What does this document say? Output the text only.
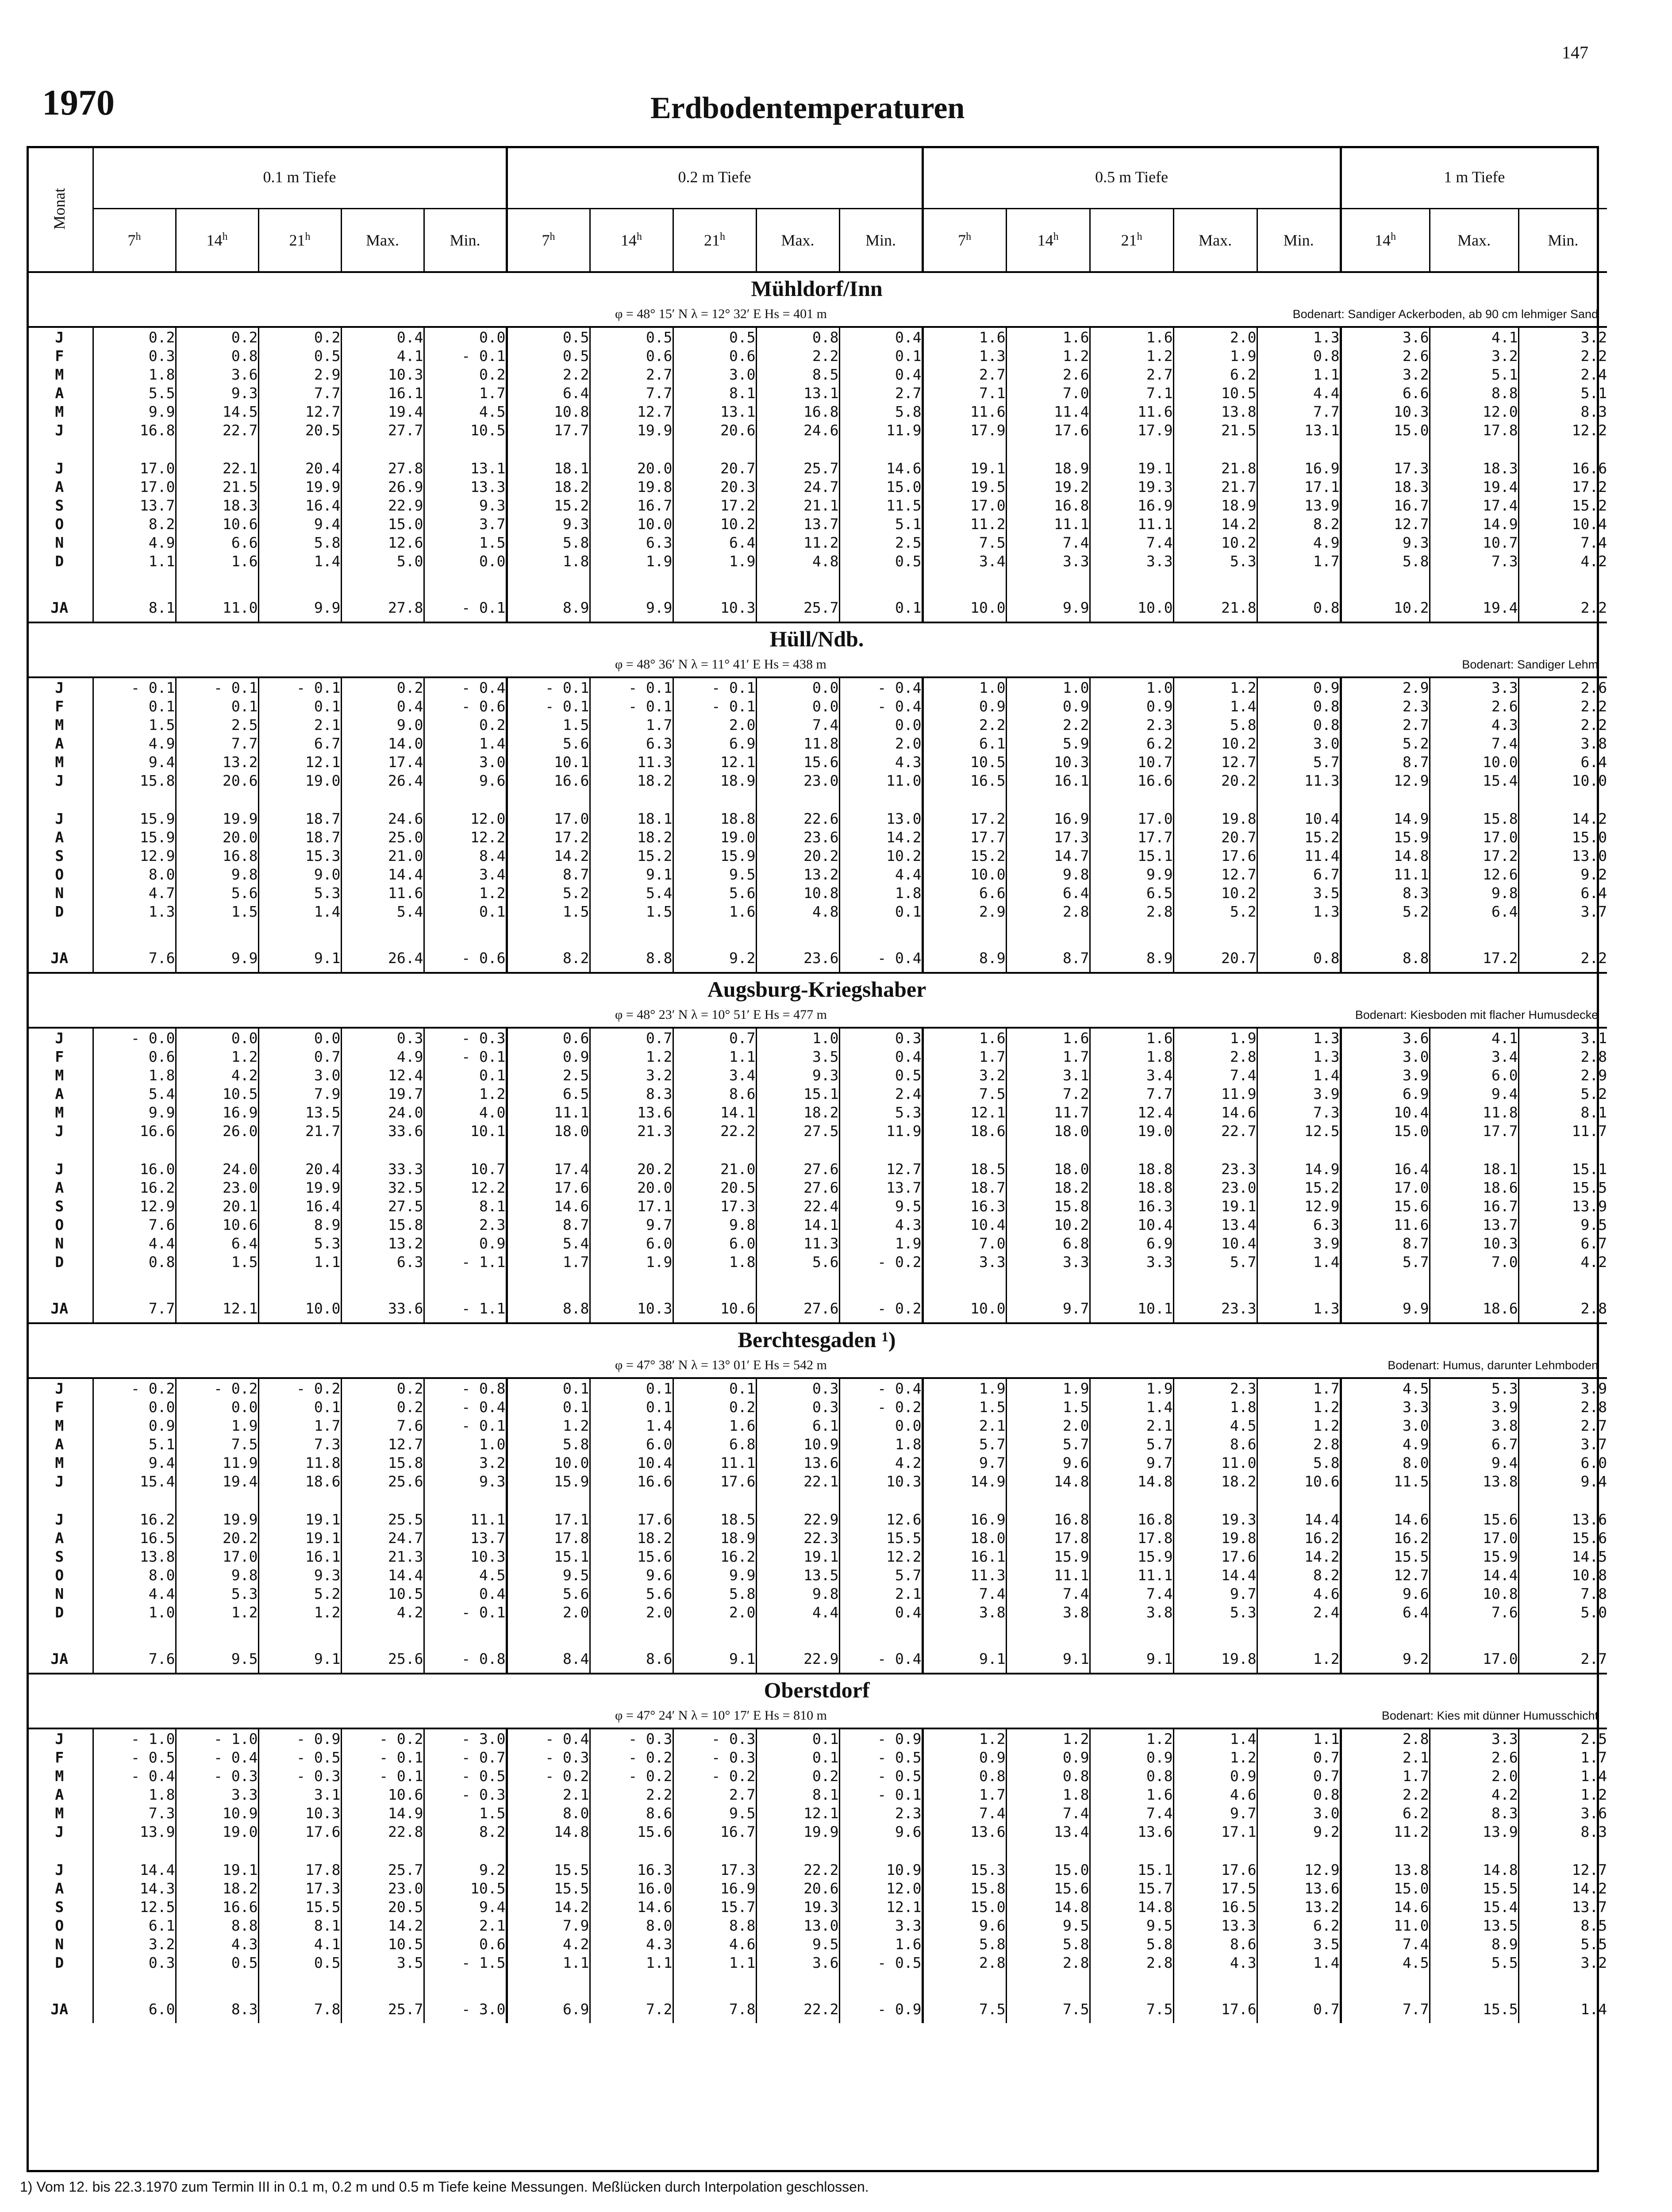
147
1970	Erdbodentemperaturen
Monat	0.1 m Tiefe					0.2 m Tiefe					0.5 m Tiefe					1 m Tiefe		
	7$^h$	14$^h$	21$^h$	Max.	Min.	7$^h$	14$^h$	21$^h$	Max.	Min.	7$^h$	14$^h$	21$^h$	Max.	Min.	14$^h$	Max.	Min.
Mühldorf/Inn																		

φ = 48° 15′ N λ = 12° 32′ E Hs = 401 m Bodenart: Sandiger Ackerboden, ab 90 cm lehmiger Sand																		

J	0.2	0.2	0.2	0.4	0.0	0.5	0.5	0.5	0.8	0.4	1.6	1.6	1.6	2.0	1.3	3.6	4.1	3.2
F	0.3	0.8	0.5	4.1	- 0.1	0.5	0.6	0.6	2.2	0.1	1.3	1.2	1.2	1.9	0.8	2.6	3.2	2.2
M	1.8	3.6	2.9	10.3	0.2	2.2	2.7	3.0	8.5	0.4	2.7	2.6	2.7	6.2	1.1	3.2	5.1	2.4
A	5.5	9.3	7.7	16.1	1.7	6.4	7.7	8.1	13.1	2.7	7.1	7.0	7.1	10.5	4.4	6.6	8.8	5.1
M	9.9	14.5	12.7	19.4	4.5	10.8	12.7	13.1	16.8	5.8	11.6	11.4	11.6	13.8	7.7	10.3	12.0	8.3
J	16.8	22.7	20.5	27.7	10.5	17.7	19.9	20.6	24.6	11.9	17.9	17.6	17.9	21.5	13.1	15.0	17.8	12.2

J	17.0	22.1	20.4	27.8	13.1	18.1	20.0	20.7	25.7	14.6	19.1	18.9	19.1	21.8	16.9	17.3	18.3	16.6
A	17.0	21.5	19.9	26.9	13.3	18.2	19.8	20.3	24.7	15.0	19.5	19.2	19.3	21.7	17.1	18.3	19.4	17.2
S	13.7	18.3	16.4	22.9	9.3	15.2	16.7	17.2	21.1	11.5	17.0	16.8	16.9	18.9	13.9	16.7	17.4	15.2
O	8.2	10.6	9.4	15.0	3.7	9.3	10.0	10.2	13.7	5.1	11.2	11.1	11.1	14.2	8.2	12.7	14.9	10.4
N	4.9	6.6	5.8	12.6	1.5	5.8	6.3	6.4	11.2	2.5	7.5	7.4	7.4	10.2	4.9	9.3	10.7	7.4
D	1.1	1.6	1.4	5.0	0.0	1.8	1.9	1.9	4.8	0.5	3.4	3.3	3.3	5.3	1.7	5.8	7.3	4.2

JA	8.1	11.0	9.9	27.8	- 0.1	8.9	9.9	10.3	25.7	0.1	10.0	9.9	10.0	21.8	0.8	10.2	19.4	2.2
Hüll/Ndb.																		

φ = 48° 36′ N λ = 11° 41′ E Hs = 438 m Bodenart: Sandiger Lehm																		

J	- 0.1	- 0.1	- 0.1	0.2	- 0.4	- 0.1	- 0.1	- 0.1	0.0	- 0.4	1.0	1.0	1.0	1.2	0.9	2.9	3.3	2.6
F	0.1	0.1	0.1	0.4	- 0.6	- 0.1	- 0.1	- 0.1	0.0	- 0.4	0.9	0.9	0.9	1.4	0.8	2.3	2.6	2.2
M	1.5	2.5	2.1	9.0	0.2	1.5	1.7	2.0	7.4	0.0	2.2	2.2	2.3	5.8	0.8	2.7	4.3	2.2
A	4.9	7.7	6.7	14.0	1.4	5.6	6.3	6.9	11.8	2.0	6.1	5.9	6.2	10.2	3.0	5.2	7.4	3.8
M	9.4	13.2	12.1	17.4	3.0	10.1	11.3	12.1	15.6	4.3	10.5	10.3	10.7	12.7	5.7	8.7	10.0	6.4
J	15.8	20.6	19.0	26.4	9.6	16.6	18.2	18.9	23.0	11.0	16.5	16.1	16.6	20.2	11.3	12.9	15.4	10.0

J	15.9	19.9	18.7	24.6	12.0	17.0	18.1	18.8	22.6	13.0	17.2	16.9	17.0	19.8	10.4	14.9	15.8	14.2
A	15.9	20.0	18.7	25.0	12.2	17.2	18.2	19.0	23.6	14.2	17.7	17.3	17.7	20.7	15.2	15.9	17.0	15.0
S	12.9	16.8	15.3	21.0	8.4	14.2	15.2	15.9	20.2	10.2	15.2	14.7	15.1	17.6	11.4	14.8	17.2	13.0
O	8.0	9.8	9.0	14.4	3.4	8.7	9.1	9.5	13.2	4.4	10.0	9.8	9.9	12.7	6.7	11.1	12.6	9.2
N	4.7	5.6	5.3	11.6	1.2	5.2	5.4	5.6	10.8	1.8	6.6	6.4	6.5	10.2	3.5	8.3	9.8	6.4
D	1.3	1.5	1.4	5.4	0.1	1.5	1.5	1.6	4.8	0.1	2.9	2.8	2.8	5.2	1.3	5.2	6.4	3.7

JA	7.6	9.9	9.1	26.4	- 0.6	8.2	8.8	9.2	23.6	- 0.4	8.9	8.7	8.9	20.7	0.8	8.8	17.2	2.2
Augsburg-Kriegshaber																		

φ = 48° 23′ N λ = 10° 51′ E Hs = 477 m Bodenart: Kiesboden mit flacher Humusdecke																		

J	- 0.0	0.0	0.0	0.3	- 0.3	0.6	0.7	0.7	1.0	0.3	1.6	1.6	1.6	1.9	1.3	3.6	4.1	3.1
F	0.6	1.2	0.7	4.9	- 0.1	0.9	1.2	1.1	3.5	0.4	1.7	1.7	1.8	2.8	1.3	3.0	3.4	2.8
M	1.8	4.2	3.0	12.4	0.1	2.5	3.2	3.4	9.3	0.5	3.2	3.1	3.4	7.4	1.4	3.9	6.0	2.9
A	5.4	10.5	7.9	19.7	1.2	6.5	8.3	8.6	15.1	2.4	7.5	7.2	7.7	11.9	3.9	6.9	9.4	5.2
M	9.9	16.9	13.5	24.0	4.0	11.1	13.6	14.1	18.2	5.3	12.1	11.7	12.4	14.6	7.3	10.4	11.8	8.1
J	16.6	26.0	21.7	33.6	10.1	18.0	21.3	22.2	27.5	11.9	18.6	18.0	19.0	22.7	12.5	15.0	17.7	11.7

J	16.0	24.0	20.4	33.3	10.7	17.4	20.2	21.0	27.6	12.7	18.5	18.0	18.8	23.3	14.9	16.4	18.1	15.1
A	16.2	23.0	19.9	32.5	12.2	17.6	20.0	20.5	27.6	13.7	18.7	18.2	18.8	23.0	15.2	17.0	18.6	15.5
S	12.9	20.1	16.4	27.5	8.1	14.6	17.1	17.3	22.4	9.5	16.3	15.8	16.3	19.1	12.9	15.6	16.7	13.9
O	7.6	10.6	8.9	15.8	2.3	8.7	9.7	9.8	14.1	4.3	10.4	10.2	10.4	13.4	6.3	11.6	13.7	9.5
N	4.4	6.4	5.3	13.2	0.9	5.4	6.0	6.0	11.3	1.9	7.0	6.8	6.9	10.4	3.9	8.7	10.3	6.7
D	0.8	1.5	1.1	6.3	- 1.1	1.7	1.9	1.8	5.6	- 0.2	3.3	3.3	3.3	5.7	1.4	5.7	7.0	4.2

JA	7.7	12.1	10.0	33.6	- 1.1	8.8	10.3	10.6	27.6	- 0.2	10.0	9.7	10.1	23.3	1.3	9.9	18.6	2.8
Berchtesgaden ¹)																		

φ = 47° 38′ N λ = 13° 01′ E Hs = 542 m Bodenart: Humus, darunter Lehmboden																		

J	- 0.2	- 0.2	- 0.2	0.2	- 0.8	0.1	0.1	0.1	0.3	- 0.4	1.9	1.9	1.9	2.3	1.7	4.5	5.3	3.9
F	0.0	0.0	0.1	0.2	- 0.4	0.1	0.1	0.2	0.3	- 0.2	1.5	1.5	1.4	1.8	1.2	3.3	3.9	2.8
M	0.9	1.9	1.7	7.6	- 0.1	1.2	1.4	1.6	6.1	0.0	2.1	2.0	2.1	4.5	1.2	3.0	3.8	2.7
A	5.1	7.5	7.3	12.7	1.0	5.8	6.0	6.8	10.9	1.8	5.7	5.7	5.7	8.6	2.8	4.9	6.7	3.7
M	9.4	11.9	11.8	15.8	3.2	10.0	10.4	11.1	13.6	4.2	9.7	9.6	9.7	11.0	5.8	8.0	9.4	6.0
J	15.4	19.4	18.6	25.6	9.3	15.9	16.6	17.6	22.1	10.3	14.9	14.8	14.8	18.2	10.6	11.5	13.8	9.4

J	16.2	19.9	19.1	25.5	11.1	17.1	17.6	18.5	22.9	12.6	16.9	16.8	16.8	19.3	14.4	14.6	15.6	13.6
A	16.5	20.2	19.1	24.7	13.7	17.8	18.2	18.9	22.3	15.5	18.0	17.8	17.8	19.8	16.2	16.2	17.0	15.6
S	13.8	17.0	16.1	21.3	10.3	15.1	15.6	16.2	19.1	12.2	16.1	15.9	15.9	17.6	14.2	15.5	15.9	14.5
O	8.0	9.8	9.3	14.4	4.5	9.5	9.6	9.9	13.5	5.7	11.3	11.1	11.1	14.4	8.2	12.7	14.4	10.8
N	4.4	5.3	5.2	10.5	0.4	5.6	5.6	5.8	9.8	2.1	7.4	7.4	7.4	9.7	4.6	9.6	10.8	7.8
D	1.0	1.2	1.2	4.2	- 0.1	2.0	2.0	2.0	4.4	0.4	3.8	3.8	3.8	5.3	2.4	6.4	7.6	5.0

JA	7.6	9.5	9.1	25.6	- 0.8	8.4	8.6	9.1	22.9	- 0.4	9.1	9.1	9.1	19.8	1.2	9.2	17.0	2.7
Oberstdorf																		

φ = 47° 24′ N λ = 10° 17′ E Hs = 810 m Bodenart: Kies mit dünner Humusschicht																		

J	- 1.0	- 1.0	- 0.9	- 0.2	- 3.0	- 0.4	- 0.3	- 0.3	0.1	- 0.9	1.2	1.2	1.2	1.4	1.1	2.8	3.3	2.5
F	- 0.5	- 0.4	- 0.5	- 0.1	- 0.7	- 0.3	- 0.2	- 0.3	0.1	- 0.5	0.9	0.9	0.9	1.2	0.7	2.1	2.6	1.7
M	- 0.4	- 0.3	- 0.3	- 0.1	- 0.5	- 0.2	- 0.2	- 0.2	0.2	- 0.5	0.8	0.8	0.8	0.9	0.7	1.7	2.0	1.4
A	1.8	3.3	3.1	10.6	- 0.3	2.1	2.2	2.7	8.1	- 0.1	1.7	1.8	1.6	4.6	0.8	2.2	4.2	1.2
M	7.3	10.9	10.3	14.9	1.5	8.0	8.6	9.5	12.1	2.3	7.4	7.4	7.4	9.7	3.0	6.2	8.3	3.6
J	13.9	19.0	17.6	22.8	8.2	14.8	15.6	16.7	19.9	9.6	13.6	13.4	13.6	17.1	9.2	11.2	13.9	8.3

J	14.4	19.1	17.8	25.7	9.2	15.5	16.3	17.3	22.2	10.9	15.3	15.0	15.1	17.6	12.9	13.8	14.8	12.7
A	14.3	18.2	17.3	23.0	10.5	15.5	16.0	16.9	20.6	12.0	15.8	15.6	15.7	17.5	13.6	15.0	15.5	14.2
S	12.5	16.6	15.5	20.5	9.4	14.2	14.6	15.7	19.3	12.1	15.0	14.8	14.8	16.5	13.2	14.6	15.4	13.7
O	6.1	8.8	8.1	14.2	2.1	7.9	8.0	8.8	13.0	3.3	9.6	9.5	9.5	13.3	6.2	11.0	13.5	8.5
N	3.2	4.3	4.1	10.5	0.6	4.2	4.3	4.6	9.5	1.6	5.8	5.8	5.8	8.6	3.5	7.4	8.9	5.5
D	0.3	0.5	0.5	3.5	- 1.5	1.1	1.1	1.1	3.6	- 0.5	2.8	2.8	2.8	4.3	1.4	4.5	5.5	3.2

JA	6.0	8.3	7.8	25.7	- 3.0	6.9	7.2	7.8	22.2	- 0.9	7.5	7.5	7.5	17.6	0.7	7.7	15.5	1.4
1) Vom 12. bis 22.3.1970 zum Termin III in 0.1 m, 0.2 m und 0.5 m Tiefe keine Messungen. Meßlücken durch Interpolation geschlossen.
